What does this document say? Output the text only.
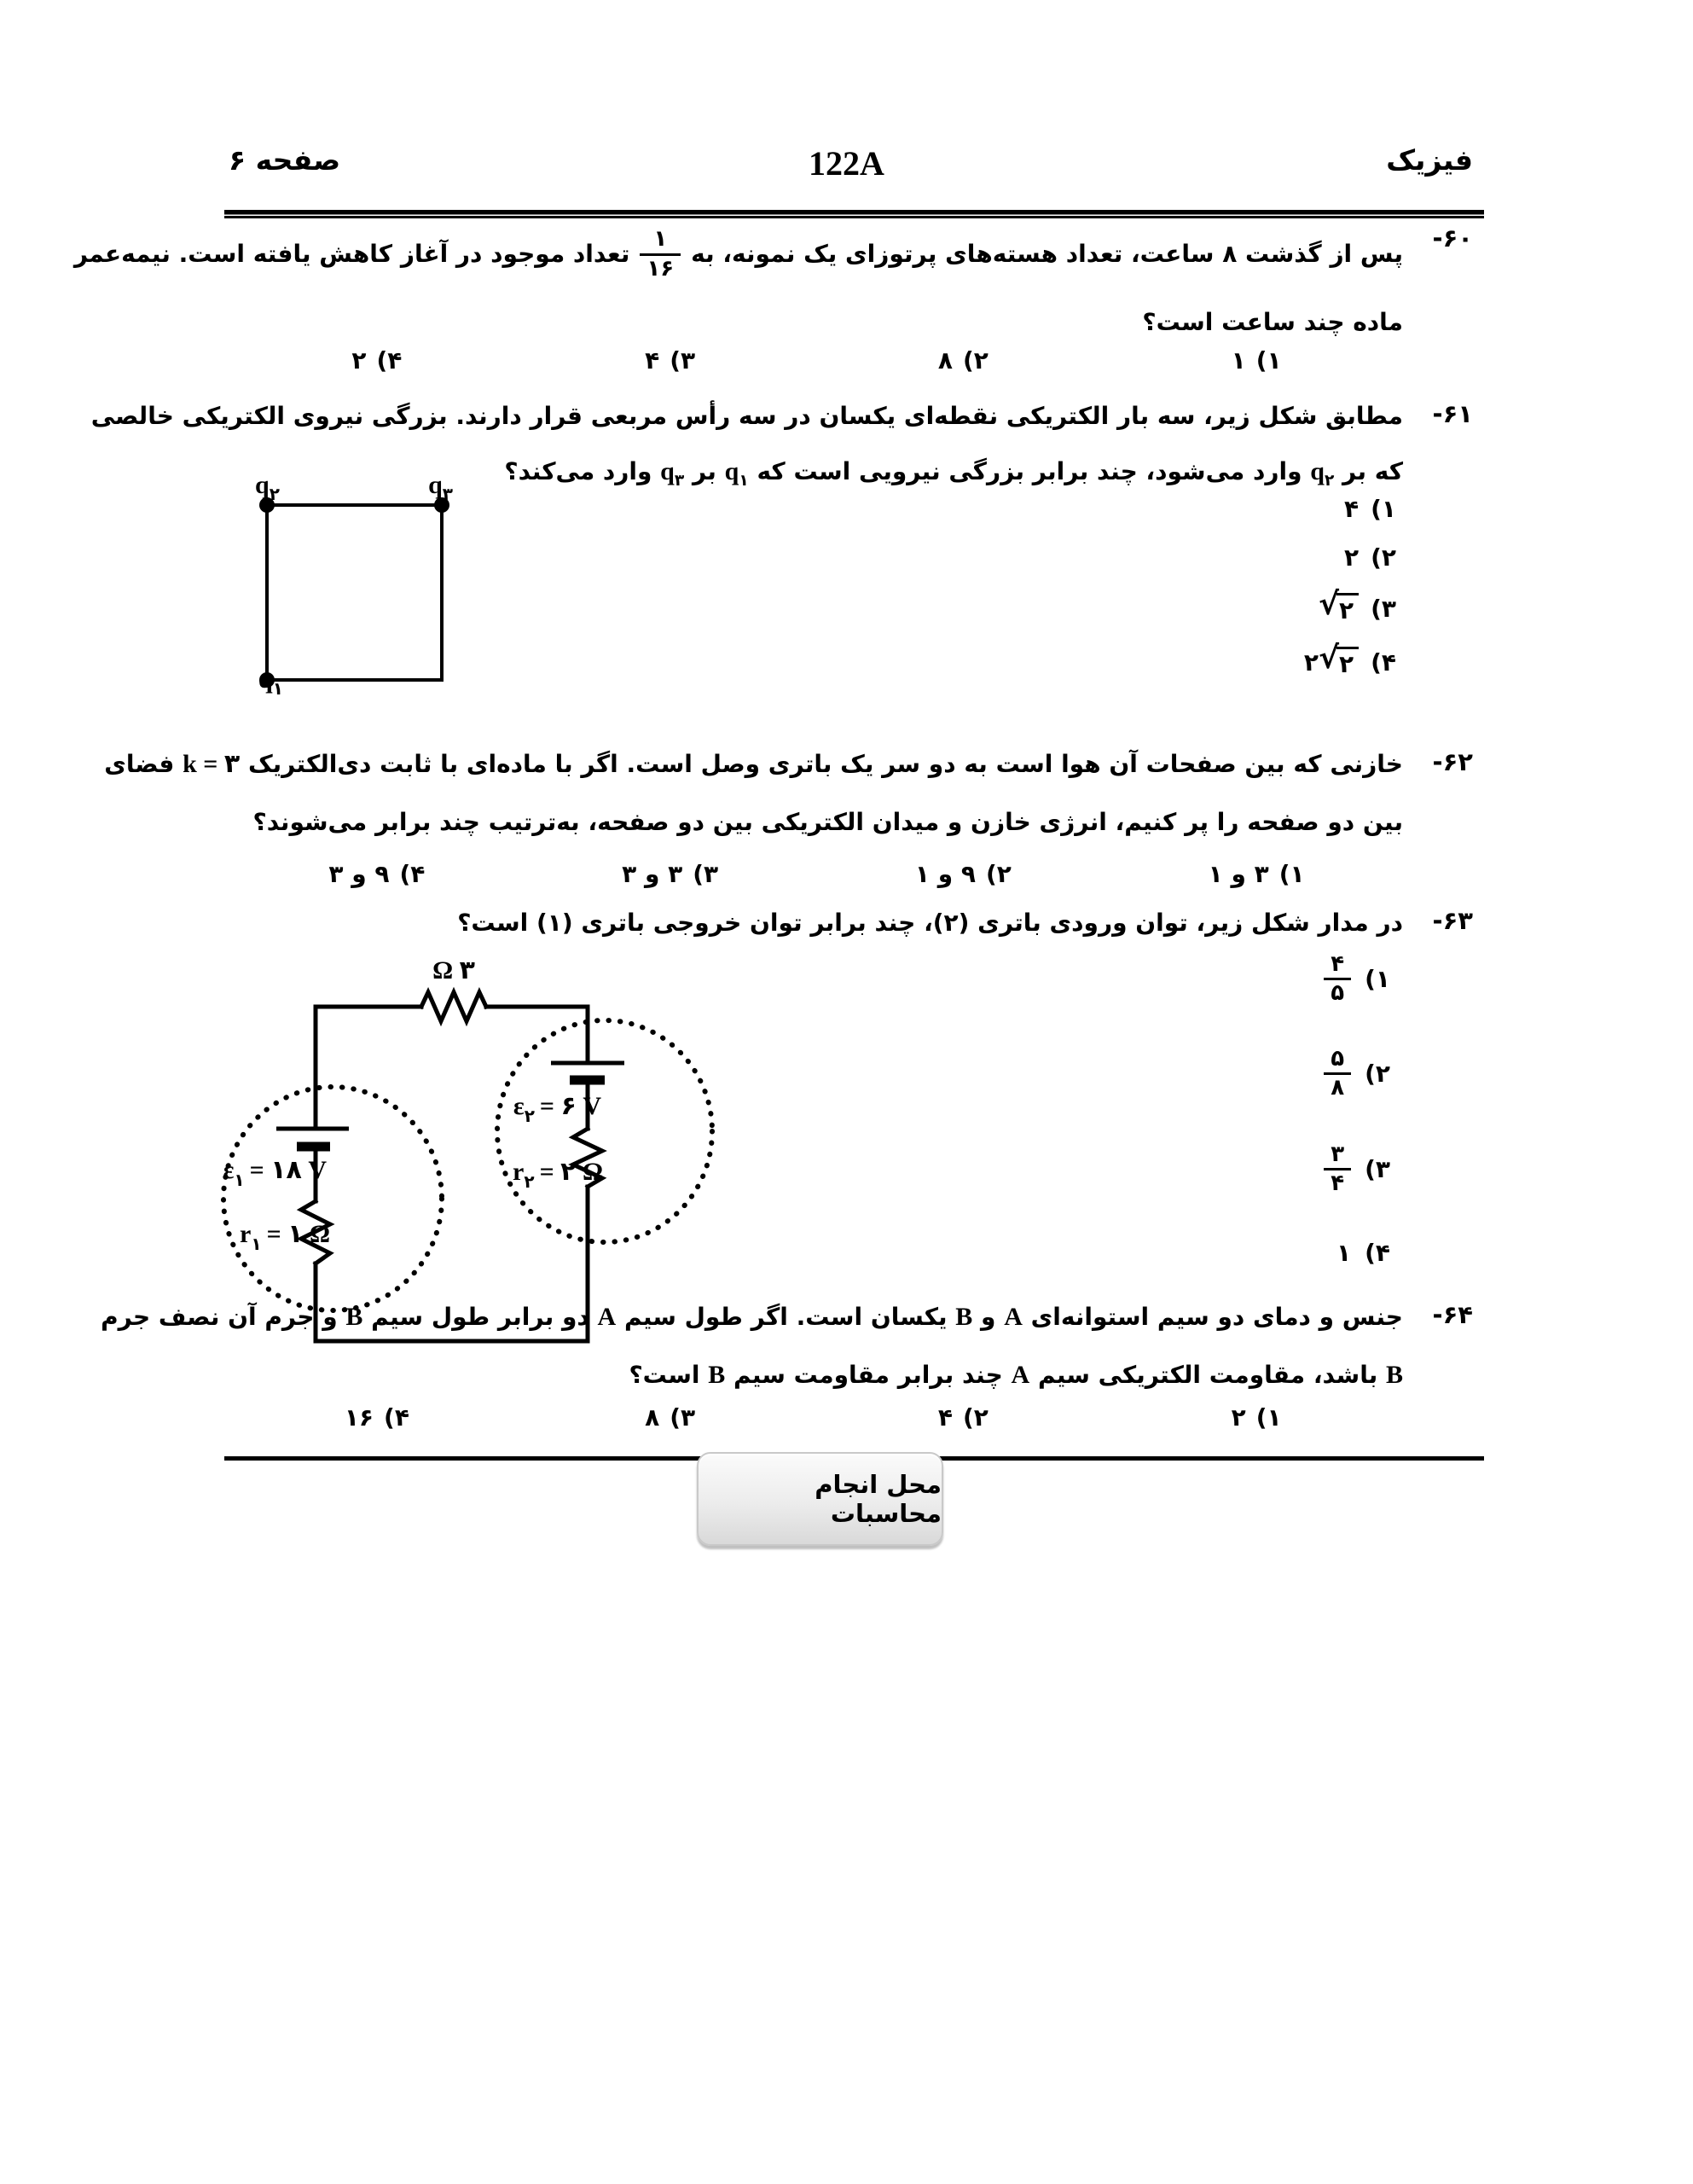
فیزیک
122A
صفحه ۶
۶۰-
پس از گذشت ۸ ساعت، تعداد هسته‌های پرتوزای یک نمونه، به
$\frac{۱}{۱۶}$
تعداد موجود در آغاز کاهش یافته است. نیمه‌عمر
ماده چند ساعت است؟
۱)
۱
۲)
۸
۳)
۴
۴)
۲
۶۱-
مطابق شکل زیر، سه بار الکتریکی نقطه‌ای یکسان در سه رأس مربعی قرار دارند. بزرگی نیروی الکتریکی خالصی
که بر $q_۲$ وارد می‌شود، چند برابر بزرگی نیرویی است که $q_۱$ بر $q_۳$ وارد می‌کند؟
$q_۲$	$q_۳$
$q_۱$
۱)
۴
۲)
۲
۳)
√ ۲
۴)
۲ √ ۲
۶۲-
خازنی که بین صفحات آن هوا است به دو سر یک باتری وصل است. اگر با ماده‌ای با ثابت دی‌الکتریک k = ۳ فضای
بین دو صفحه را پر کنیم، انرژی خازن و میدان الکتریکی بین دو صفحه، به‌ترتیب چند برابر می‌شوند؟
۱)
۳ و ۱
۲)
۹ و ۱
۳)
۳ و ۳
۴)
۹ و ۳
۶۳-
در مدار شکل زیر، توان ورودی باتری (۲)، چند برابر توان خروجی باتری (۱) است؟
۳ Ω
$\varepsilon_۱$ = ۱۸ V
$r_۱$ = ۱ Ω
$\varepsilon_۲$ = ۶ V
$r_۲$ = ۲ Ω
۱)
$\frac{۴}{۵}$
۲)
$\frac{۵}{۸}$
۳)
$\frac{۳}{۴}$
۴)
۱
۶۴-
جنس و دمای دو سیم استوانه‌ای A و B یکسان است. اگر طول سیم A دو برابر طول سیم B و جرم آن نصف جرم
B باشد، مقاومت الکتریکی سیم A چند برابر مقاومت سیم B است؟
۱)
۲
۲)
۴
۳)
۸
۴)
۱۶
محل انجام محاسبات
